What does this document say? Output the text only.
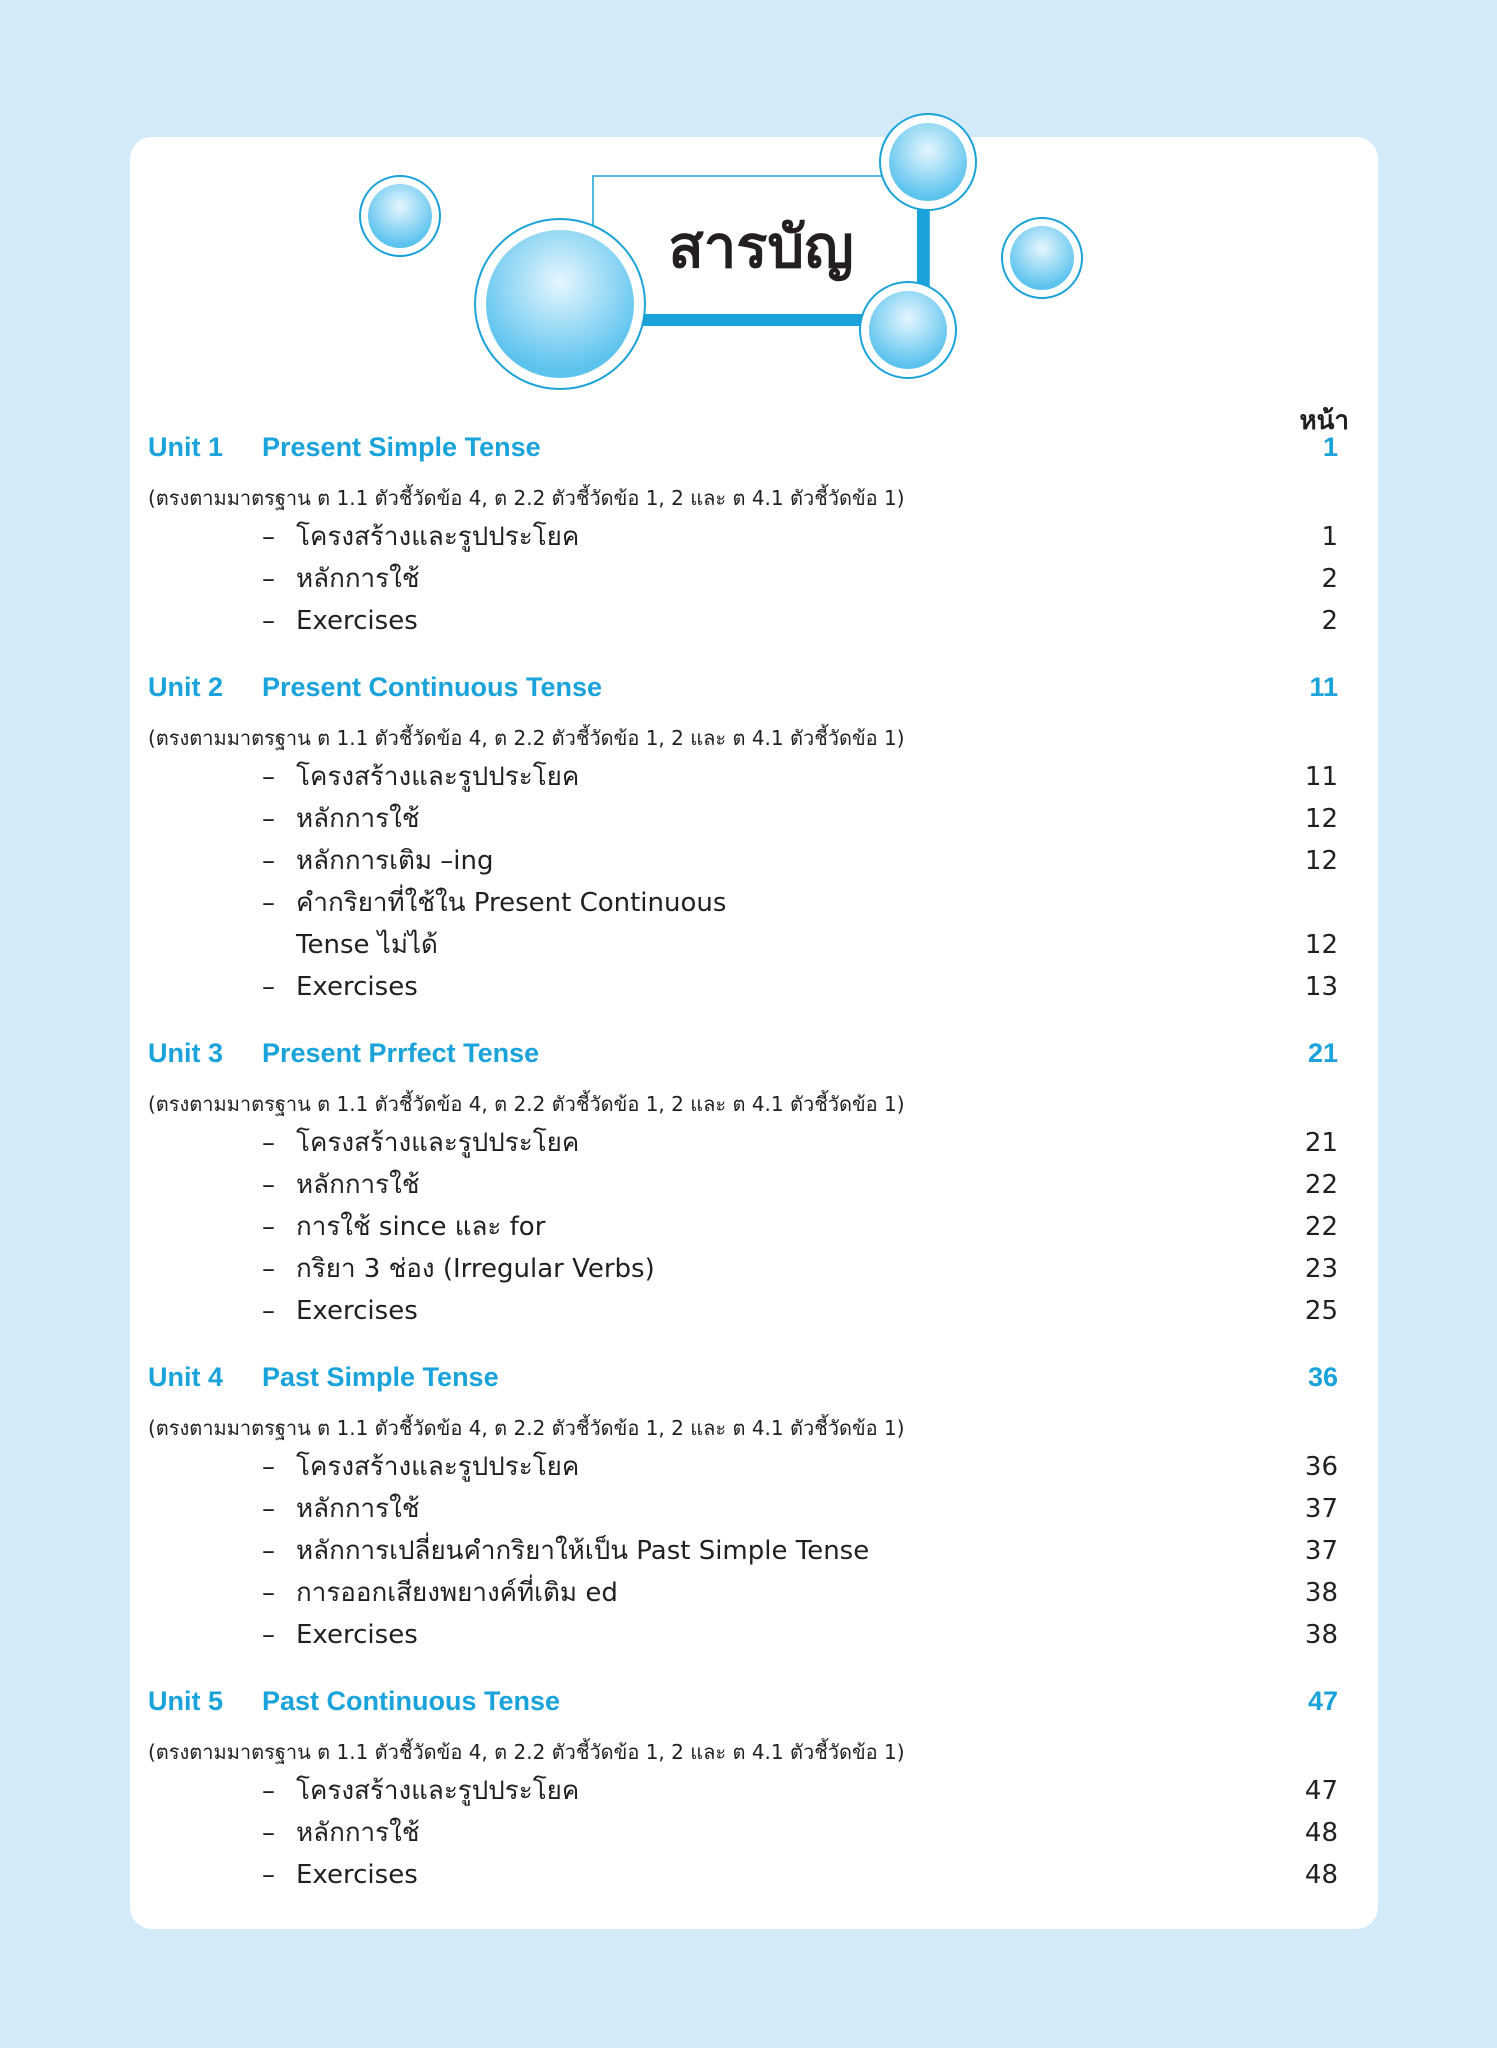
สารบัญ
หน้า
Unit 1	Present Simple Tense	1
(ตรงตามมาตรฐาน ต 1.1 ตัวชี้วัดข้อ 4, ต 2.2 ตัวชี้วัดข้อ 1, 2 และ ต 4.1 ตัวชี้วัดข้อ 1)
– โครงสร้างและรูปประโยค	1
– หลักการใช้	2
– Exercises	2
Unit 2	Present Continuous Tense	11
(ตรงตามมาตรฐาน ต 1.1 ตัวชี้วัดข้อ 4, ต 2.2 ตัวชี้วัดข้อ 1, 2 และ ต 4.1 ตัวชี้วัดข้อ 1)
– โครงสร้างและรูปประโยค	11
– หลักการใช้	12
– หลักการเติม –ing	12
– คำกริยาที่ใช้ใน Present Continuous
Tense ไม่ได้	12
– Exercises	13
Unit 3	Present Prrfect Tense	21
(ตรงตามมาตรฐาน ต 1.1 ตัวชี้วัดข้อ 4, ต 2.2 ตัวชี้วัดข้อ 1, 2 และ ต 4.1 ตัวชี้วัดข้อ 1)
– โครงสร้างและรูปประโยค	21
– หลักการใช้	22
– การใช้ since และ for	22
– กริยา 3 ช่อง (Irregular Verbs)	23
– Exercises	25
Unit 4	Past Simple Tense	36
(ตรงตามมาตรฐาน ต 1.1 ตัวชี้วัดข้อ 4, ต 2.2 ตัวชี้วัดข้อ 1, 2 และ ต 4.1 ตัวชี้วัดข้อ 1)
– โครงสร้างและรูปประโยค	36
– หลักการใช้	37
– หลักการเปลี่ยนคำกริยาให้เป็น Past Simple Tense	37
– การออกเสียงพยางค์ที่เติม ed	38
– Exercises	38
Unit 5	Past Continuous Tense	47
(ตรงตามมาตรฐาน ต 1.1 ตัวชี้วัดข้อ 4, ต 2.2 ตัวชี้วัดข้อ 1, 2 และ ต 4.1 ตัวชี้วัดข้อ 1)
– โครงสร้างและรูปประโยค	47
– หลักการใช้	48
– Exercises	48
